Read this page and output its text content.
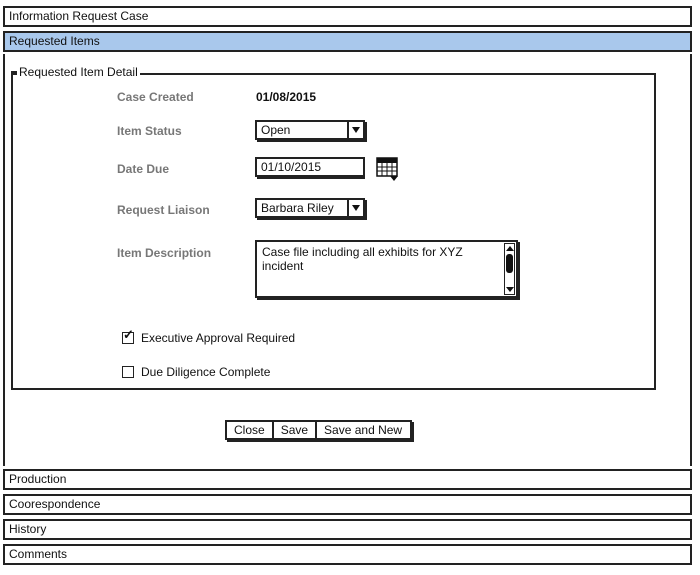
Information Request Case
Requested Items
Requested Item Detail
Case Created	01/08/2015
Item Status	Open
Date Due	01/10/2015
Request Liaison	Barbara Riley
Item Description	Case file including all exhibits for XYZ incident
✓Executive Approval Required
Due Diligence Complete
Close	Save	Save and New
Production
Coorespondence
History
Comments
